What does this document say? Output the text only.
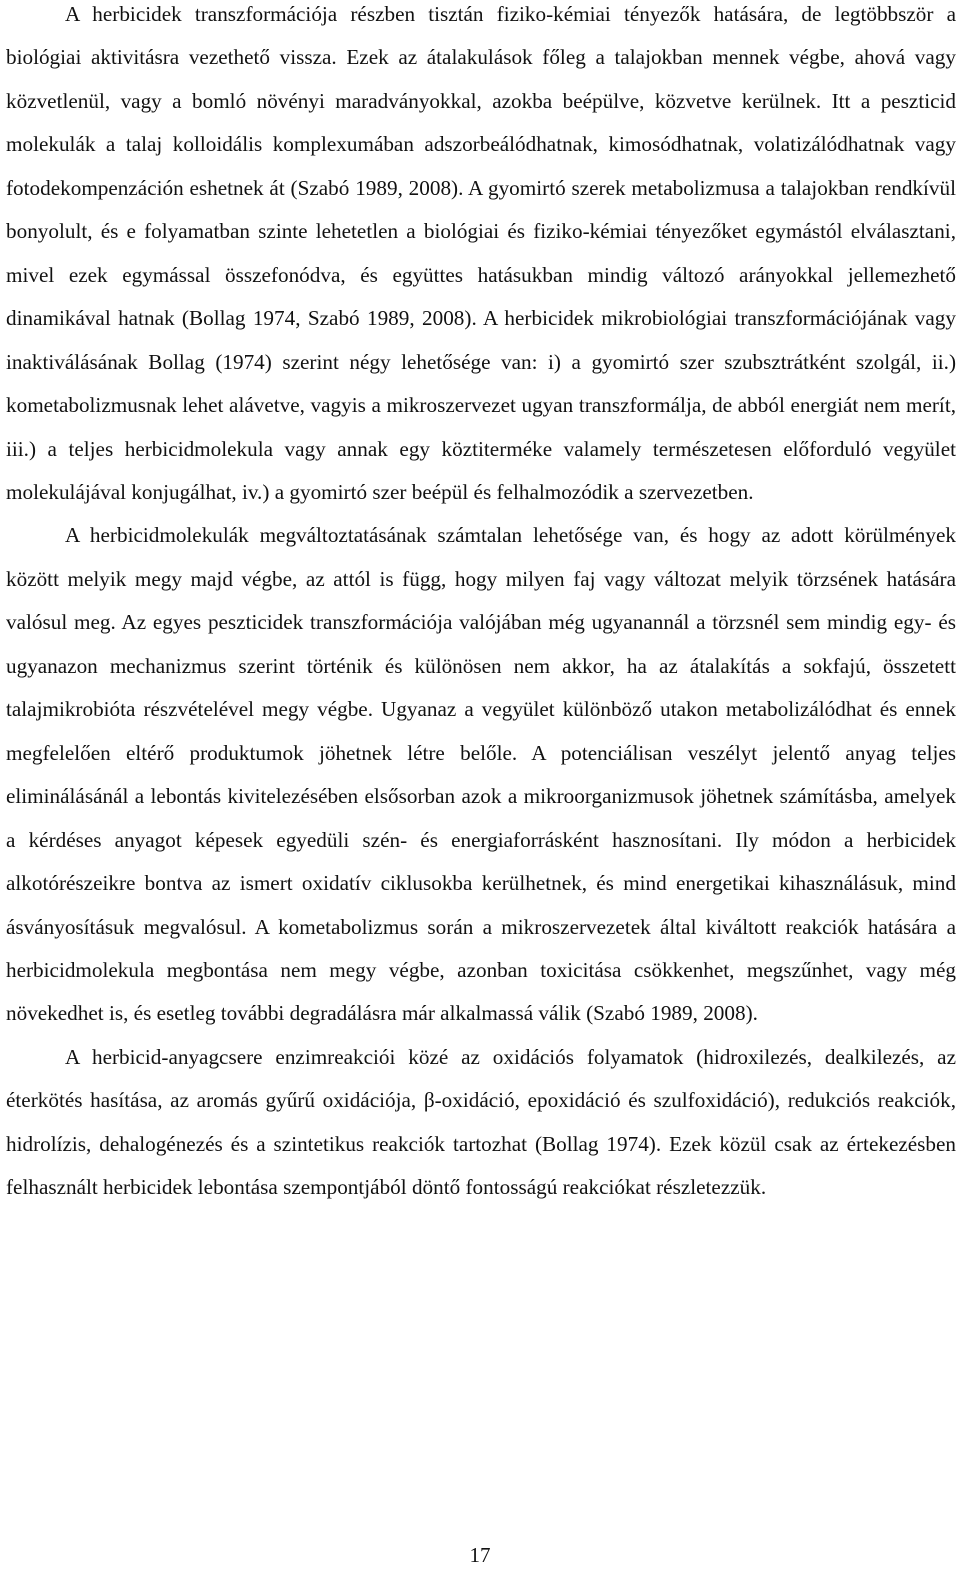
A herbicidek transzformációja részben tisztán fiziko-kémiai tényezők hatására, de legtöbbször a biológiai aktivitásra vezethető vissza. Ezek az átalakulások főleg a talajokban mennek végbe, ahová vagy közvetlenül, vagy a bomló növényi maradványokkal, azokba beépülve, közvetve kerülnek. Itt a peszticid molekulák a talaj kolloidális komplexumában adszorbeálódhatnak, kimosódhatnak, volatizálódhatnak vagy fotodekompenzáción eshetnek át (Szabó 1989, 2008). A gyomirtó szerek metabolizmusa a talajokban rendkívül bonyolult, és e folyamatban szinte lehetetlen a biológiai és fiziko-kémiai tényezőket egymástól elválasztani, mivel ezek egymással összefonódva, és együttes hatásukban mindig változó arányokkal jellemezhető dinamikával hatnak (Bollag 1974, Szabó 1989, 2008). A herbicidek mikrobiológiai transzformációjának vagy inaktiválásának Bollag (1974) szerint négy lehetősége van: i) a gyomirtó szer szubsztrátként szolgál, ii.) kometabolizmusnak lehet alávetve, vagyis a mikroszervezet ugyan transzformálja, de abból energiát nem merít, iii.) a teljes herbicidmolekula vagy annak egy köztiterméke valamely természetesen előforduló vegyület molekulájával konjugálhat, iv.) a gyomirtó szer beépül és felhalmozódik a szervezetben.

A herbicidmolekulák megváltoztatásának számtalan lehetősége van, és hogy az adott körülmények között melyik megy majd végbe, az attól is függ, hogy milyen faj vagy változat melyik törzsének hatására valósul meg. Az egyes peszticidek transzformációja valójában még ugyanannál a törzsnél sem mindig egy- és ugyanazon mechanizmus szerint történik és különösen nem akkor, ha az átalakítás a sokfajú, összetett talajmikrobióta részvételével megy végbe. Ugyanaz a vegyület különböző utakon metabolizálódhat és ennek megfelelően eltérő produktumok jöhetnek létre belőle. A potenciálisan veszélyt jelentő anyag teljes eliminálásánál a lebontás kivitelezésében elsősorban azok a mikroorganizmusok jöhetnek számításba, amelyek a kérdéses anyagot képesek egyedüli szén- és energiaforrásként hasznosítani. Ily módon a herbicidek alkotórészeikre bontva az ismert oxidatív ciklusokba kerülhetnek, és mind energetikai kihasználásuk, mind ásványosításuk megvalósul. A kometabolizmus során a mikroszervezetek által kiváltott reakciók hatására a herbicidmolekula megbontása nem megy végbe, azonban toxicitása csökkenhet, megszűnhet, vagy még növekedhet is, és esetleg további degradálásra már alkalmassá válik (Szabó 1989, 2008).

A herbicid-anyagcsere enzimreakciói közé az oxidációs folyamatok (hidroxilezés, dealkilezés, az éterkötés hasítása, az aromás gyűrű oxidációja, β-oxidáció, epoxidáció és szulfoxidáció), redukciós reakciók, hidrolízis, dehalogénezés és a szintetikus reakciók tartozhat (Bollag 1974). Ezek közül csak az értekezésben felhasznált herbicidek lebontása szempontjából döntő fontosságú reakciókat részletezzük.

17
